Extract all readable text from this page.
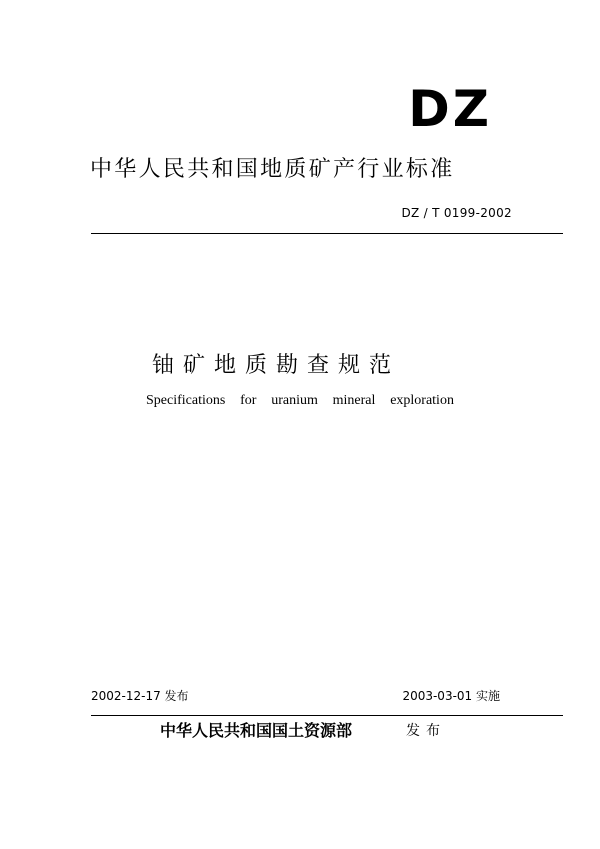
DZ
中华人民共和国地质矿产行业标准
DZ / T 0199-2002
铀矿地质勘查规范
Specifications for uranium mineral exploration
2002-12-17 发布	2003-03-01 实施
中华人民共和国国土资源部	发布
